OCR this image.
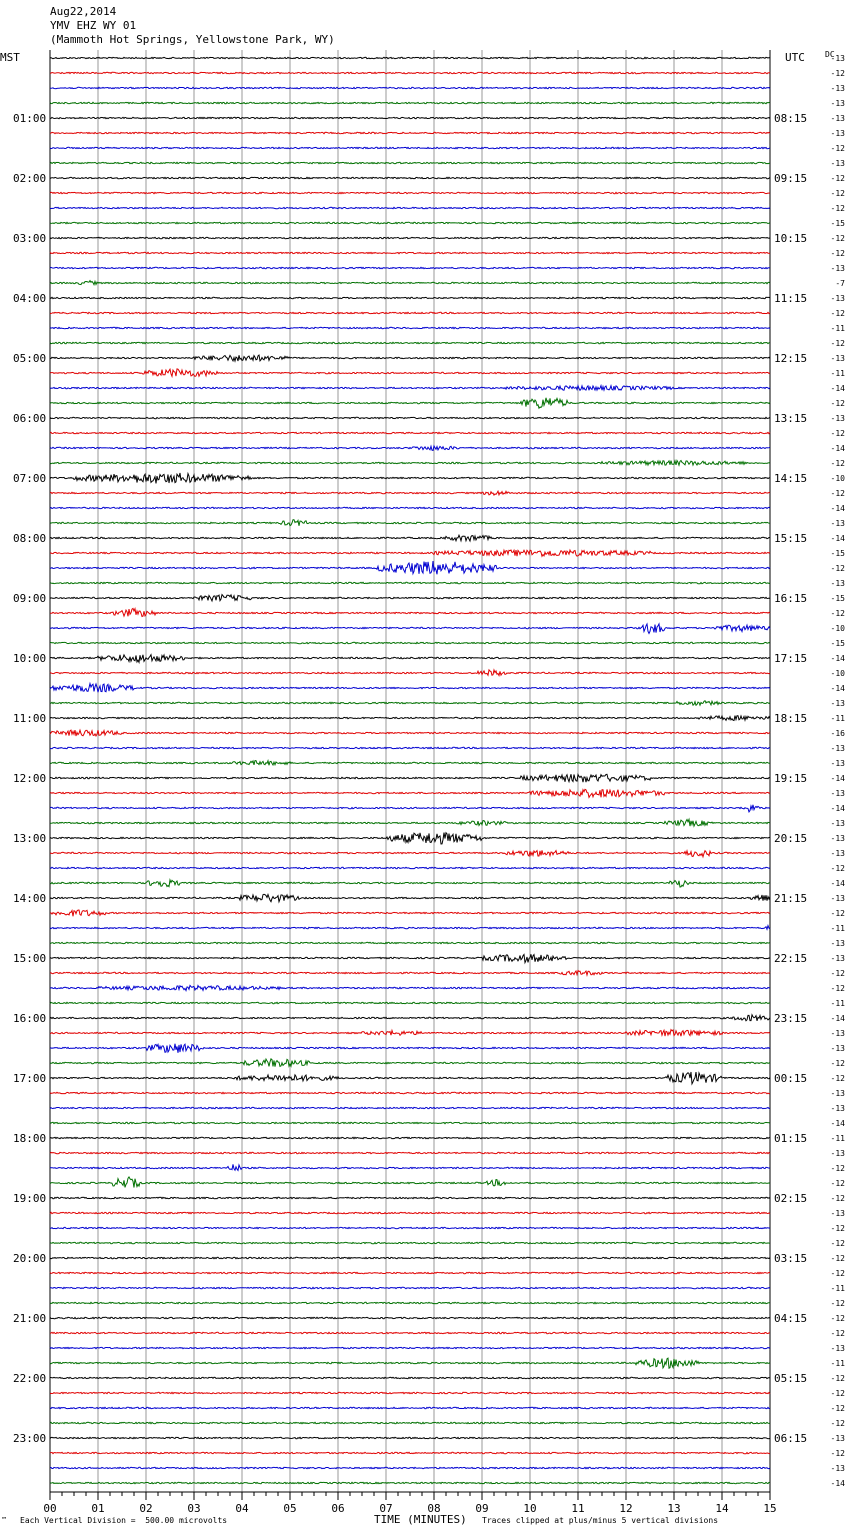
Aug22,2014
YMV EHZ WY 01
(Mammoth Hot Springs, Yellowstone Park, WY)
01:00
02:00
03:00
04:00
05:00
06:00
07:00
08:00
09:00
10:00
11:00
12:00
13:00
14:00
15:00
16:00
17:00
18:00
19:00
20:00
21:00
22:00
23:00
08:15
09:15
10:15
11:15
12:15
13:15
14:15
15:15
16:15
17:15
18:15
19:15
20:15
21:15
22:15
23:15
00:15
01:15
02:15
03:15
04:15
05:15
06:15
-13
-12
-13
-13
-13
-13
-12
-13
-12
-12
-12
-15
-12
-12
-13
-7
-13
-12
-11
-12
-13
-11
-14
-12
-13
-12
-14
-12
-10
-12
-14
-13
-14
-15
-12
-13
-15
-12
-10
-15
-14
-10
-14
-13
-11
-16
-13
-13
-14
-13
-14
-13
-13
-13
-12
-14
-13
-12
-11
-13
-13
-12
-12
-11
-14
-13
-13
-12
-12
-13
-13
-14
-11
-13
-12
-12
-12
-13
-12
-12
-12
-12
-11
-12
-12
-12
-13
-11
-12
-12
-12
-12
-13
-12
-13
-14
00	01	02	03	04	05	06	07	08	09	10	11	12	13	14	15
MST	UTC	DC
™ Each Vertical Division =  500.00 microvolts	TIME (MINUTES) Traces clipped at plus/minus 5 vertical divisions
